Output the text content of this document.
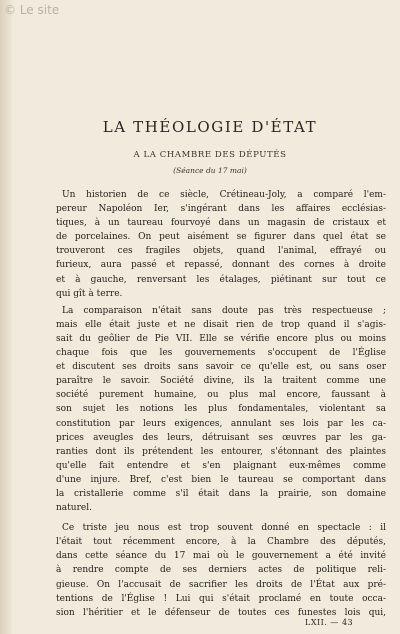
© Le site
LA THÉOLOGIE D'ÉTAT
A LA CHAMBRE DES DÉPUTÉS
(Séance du 17 mai)
Un historien de ce siècle, Crétineau-Joly, a comparé l'em-
pereur Napoléon Ier, s'ingérant dans les affaires ecclésias-
tiques, à un taureau fourvoyé dans un magasin de cristaux et
de porcelaines. On peut aisément se figurer dans quel état se
trouveront ces fragiles objets, quand l'animal, effrayé ou
furieux, aura passé et repassé, donnant des cornes à droite
et à gauche, renversant les étalages, piétinant sur tout ce
qui gît à terre.
La comparaison n'était sans doute pas très respectueuse ;
mais elle était juste et ne disait rien de trop quand il s'agis-
sait du geôlier de Pie VII. Elle se vérifie encore plus ou moins
chaque fois que les gouvernements s'occupent de l'Église
et discutent ses droits sans savoir ce qu'elle est, ou sans oser
paraître le savoir. Société divine, ils la traitent comme une
société purement humaine, ou plus mal encore, faussant à
son sujet les notions les plus fondamentales, violentant sa
constitution par leurs exigences, annulant ses lois par les ca-
prices aveugles des leurs, détruisant ses œuvres par les ga-
ranties dont ils prétendent les entourer, s'étonnant des plaintes
qu'elle fait entendre et s'en plaignant eux-mêmes comme
d'une injure. Bref, c'est bien le taureau se comportant dans
la cristallerie comme s'il était dans la prairie, son domaine
naturel.
Ce triste jeu nous est trop souvent donné en spectacle : il
l'était tout récemment encore, à la Chambre des députés,
dans cette séance du 17 mai où le gouvernement a été invité
à rendre compte de ses derniers actes de politique reli-
gieuse. On l'accusait de sacrifier les droits de l'État aux pré-
tentions de l'Église ! Lui qui s'était proclamé en toute occa-
sion l'héritier et le défenseur de toutes ces funestes lois qui,
LXII. — 43
